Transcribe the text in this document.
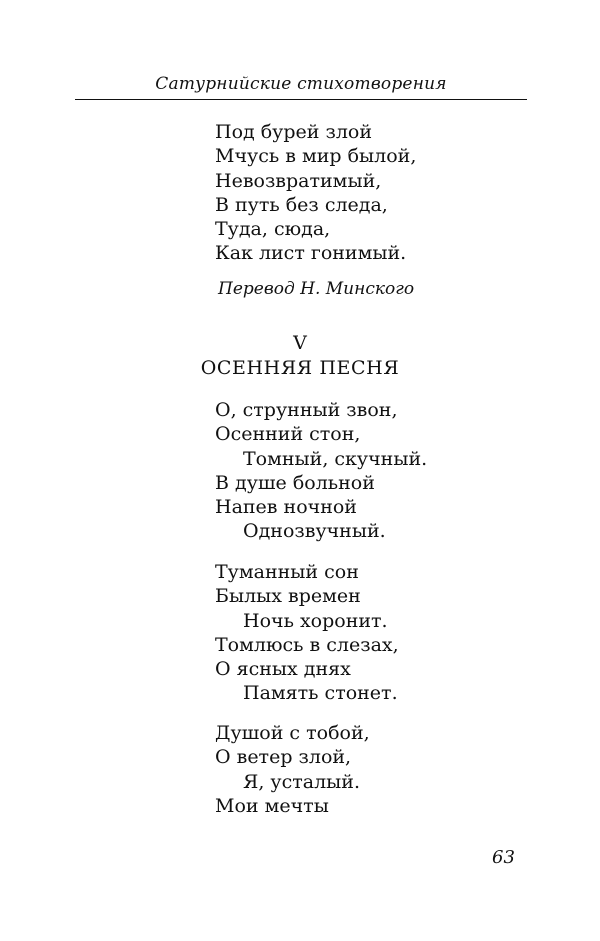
Сатурнийские стихотворения
Под бурей злой
Мчусь в мир былой,
Невозвратимый,
В путь без следа,
Туда, сюда,
Как лист гонимый.
Перевод Н. Минского
V
ОСЕННЯЯ ПЕСНЯ
О, струнный звон,
Осенний стон,
Томный, скучный.
В душе больной
Напев ночной
Однозвучный.
Туманный сон
Былых времен
Ночь хоронит.
Томлюсь в слезах,
О ясных днях
Память стонет.
Душой с тобой,
О ветер злой,
Я, усталый.
Мои мечты
63
